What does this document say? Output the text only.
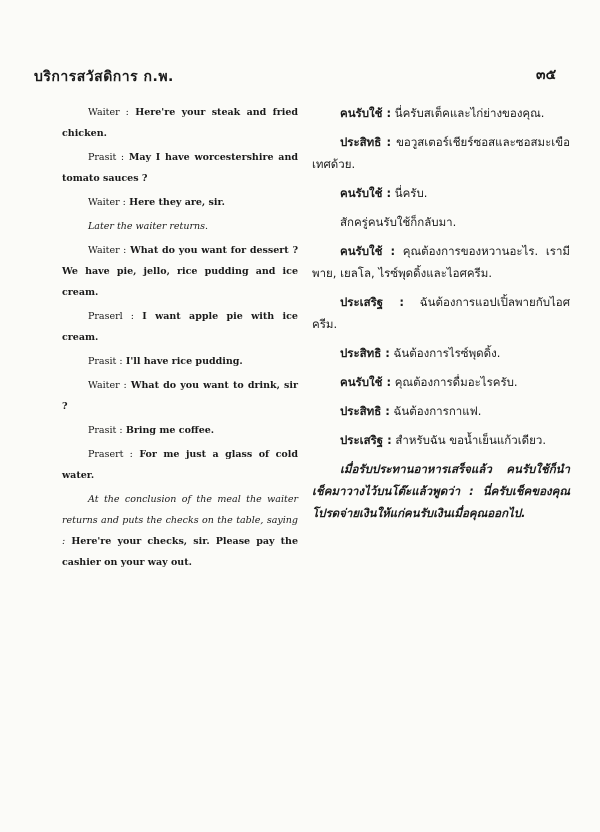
บริการสวัสดิการ ก.พ.	๓๕

Waiter : Here're your steak and fried chicken.

Prasit : May I have worcestershire and tomato sauces ?

Waiter : Here they are, sir.

Later the waiter returns.

Waiter : What do you want for dessert ? We have pie, jello, rice pudding and ice cream.

Praserl : I want apple pie with ice cream.

Prasit : I'll have rice pudding.

Waiter : What do you want to drink, sir ?

Prasit : Bring me coffee.

Prasert : For me just a glass of cold water.

At the conclusion of the meal the waiter returns and puts the checks on the table, saying : Here're your checks, sir. Please pay the cashier on your way out.

คนรับใช้ : นี่ครับสเต็คและไก่ย่างของคุณ.

ประสิทธิ : ขอวูสเตอร์เชียร์ซอสและซอสมะเขือเทศด้วย.

คนรับใช้ : นี่ครับ.

สักครู่คนรับใช้ก็กลับมา.

คนรับใช้ : คุณต้องการของหวานอะไร. เรามีพาย, เยลโล, ไรซ์พุดดิ้งและไอศครีม.

ประเสริฐ : ฉันต้องการแอปเปิ้ลพายกับไอศครีม.

ประสิทธิ : ฉันต้องการไรซ์พุดดิ้ง.

คนรับใช้ : คุณต้องการดื่มอะไรครับ.

ประสิทธิ : ฉันต้องการกาแฟ.

ประเสริฐ : สำหรับฉัน ขอน้ำเย็นแก้วเดียว.

เมื่อรับประทานอาหารเสร็จแล้ว คนรับใช้ก็นำเช็คมาวางไว้บนโต๊ะแล้วพูดว่า : นี่ครับเช็คของคุณ โปรดจ่ายเงินให้แก่คนรับเงินเมื่อคุณออกไป.
